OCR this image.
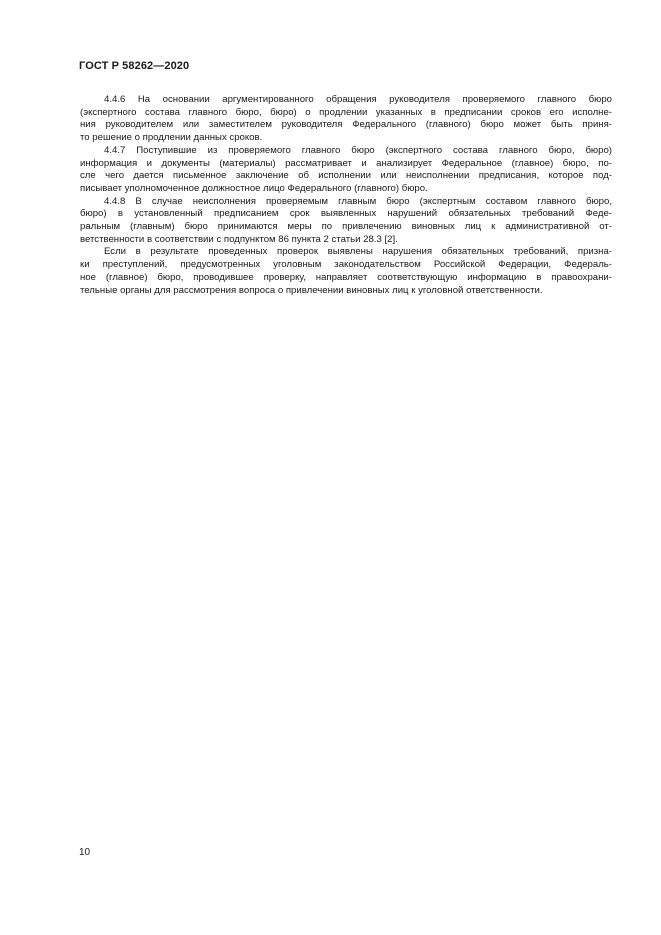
ГОСТ Р 58262—2020
4.4.6 На основании аргументированного обращения руководителя проверяемого главного бюро
(экспертного состава главного бюро, бюро) о продлении указанных в предписании сроков его исполне-
ния руководителем или заместителем руководителя Федерального (главного) бюро может быть приня-
то решение о продлении данных сроков.
4.4.7 Поступившие из проверяемого главного бюро (экспертного состава главного бюро, бюро)
информация и документы (материалы) рассматривает и анализирует Федеральное (главное) бюро, по-
сле чего дается письменное заключение об исполнении или неисполнении предписания, которое под-
писывает уполномоченное должностное лицо Федерального (главного) бюро.
4.4.8 В случае неисполнения проверяемым главным бюро (экспертным составом главного бюро,
бюро) в установленный предписанием срок выявленных нарушений обязательных требований Феде-
ральным (главным) бюро принимаются меры по привлечению виновных лиц к административной от-
ветственности в соответствии с подпунктом 86 пункта 2 статьи 28.3 [2].
Если в результате проведенных проверок выявлены нарушения обязательных требований, призна-
ки преступлений, предусмотренных уголовным законодательством Российской Федерации, Федераль-
ное (главное) бюро, проводившее проверку, направляет соответствующую информацию в правоохрани-
тельные органы для рассмотрения вопроса о привлечении виновных лиц к уголовной ответственности.
10
